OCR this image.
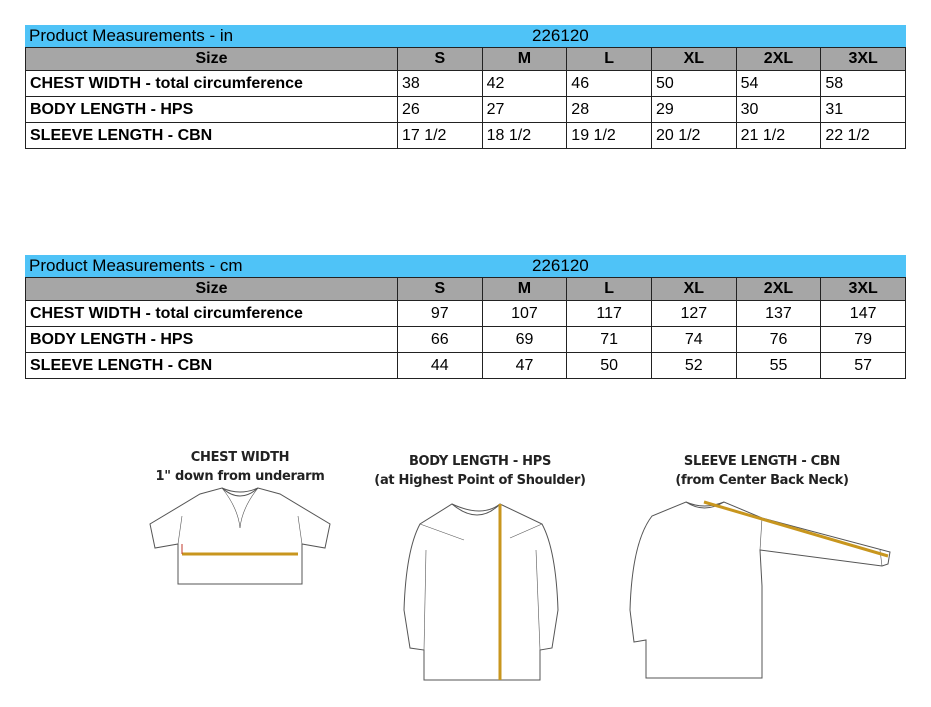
Product Measurements - in	226120
Size	S	M	L	XL	2XL	3XL
CHEST WIDTH - total circumference	38	42	46	50	54	58
BODY LENGTH - HPS	26	27	28	29	30	31
SLEEVE LENGTH - CBN	17 1/2	18 1/2	19 1/2	20 1/2	21 1/2	22 1/2
Product Measurements - cm	226120
Size	S	M	L	XL	2XL	3XL
CHEST WIDTH - total circumference	97	107	117	127	137	147
BODY LENGTH - HPS	66	69	71	74	76	79
SLEEVE LENGTH - CBN	44	47	50	52	55	57
CHEST WIDTH
1" down from underarm
BODY LENGTH - HPS
(at Highest Point of Shoulder)
SLEEVE LENGTH - CBN
(from Center Back Neck)
